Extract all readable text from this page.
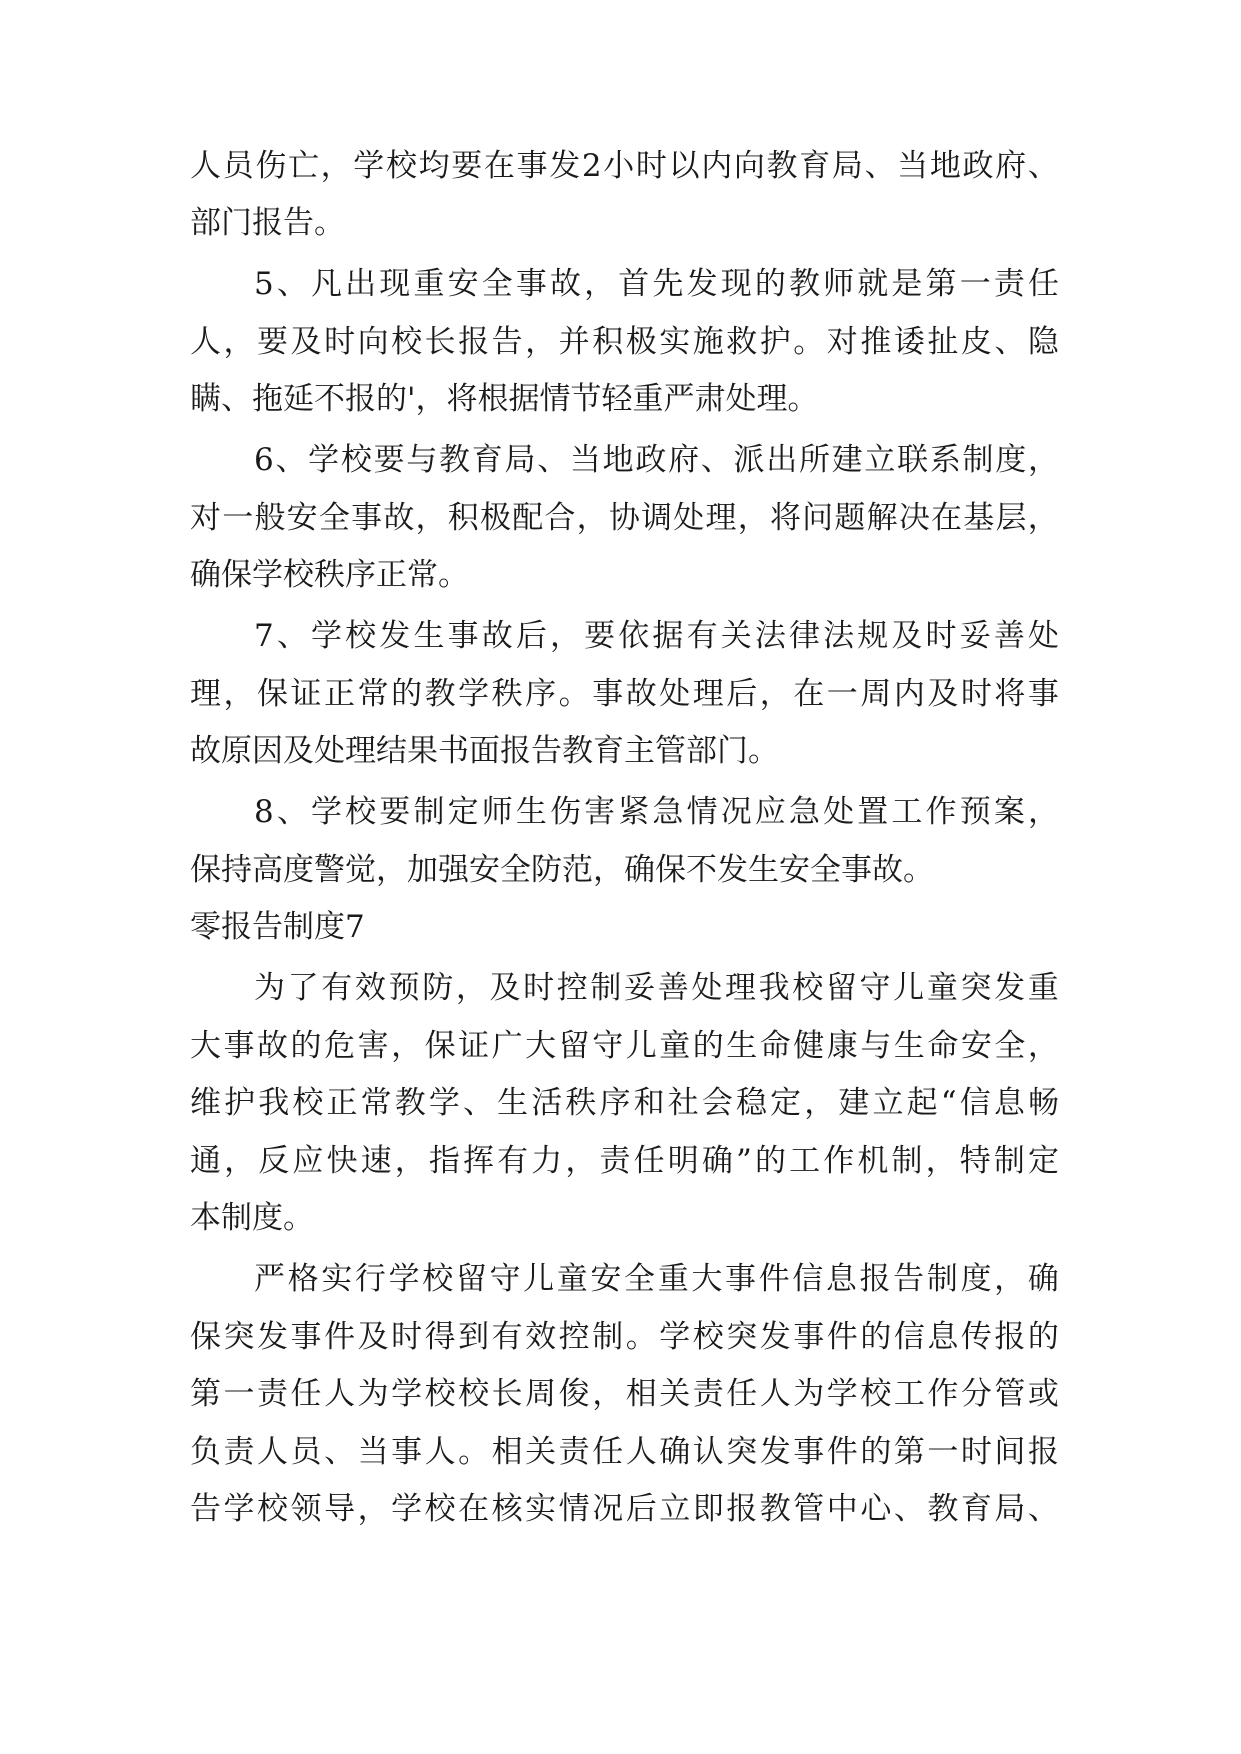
人 员 伤 亡 ， 学 校 均 要 在 事 发 2 小 时 以 内 向 教 育 局 、 当 地 政 府 、
部门报告。
5 、 凡 出 现 重 安 全 事 故 ， 首 先 发 现 的 教 师 就 是 第 一 责 任
人 ， 要 及 时 向 校 长 报 告 ， 并 积 极 实 施 救 护 。 对 推 诿 扯 皮 、 隐
瞒、拖延不报的'，将根据情节轻重严肃处理。
6 、 学 校 要 与 教 育 局 、 当 地 政 府 、 派 出 所 建 立 联 系 制 度 ，
对 一 般 安 全 事 故 ， 积 极 配 合 ， 协 调 处 理 ， 将 问 题 解 决 在 基 层 ，
确保学校秩序正常。
7 、 学 校 发 生 事 故 后 ， 要 依 据 有 关 法 律 法 规 及 时 妥 善 处
理 ， 保 证 正 常 的 教 学 秩 序 。 事 故 处 理 后 ， 在 一 周 内 及 时 将 事
故原因及处理结果书面报告教育主管部门。
8 、 学 校 要 制 定 师 生 伤 害 紧 急 情 况 应 急 处 置 工 作 预 案 ，
保持高度警觉，加强安全防范，确保不发生安全事故。
零报告制度7
为 了 有 效 预 防 ， 及 时 控 制 妥 善 处 理 我 校 留 守 儿 童 突 发 重
大 事 故 的 危 害 ， 保 证 广 大 留 守 儿 童 的 生 命 健 康 与 生 命 安 全 ，
维 护 我 校 正 常 教 学 、 生 活 秩 序 和 社 会 稳 定 ， 建 立 起 “ 信 息 畅
通 ， 反 应 快 速 ， 指 挥 有 力 ， 责 任 明 确 ” 的 工 作 机 制 ， 特 制 定
本制度。
严 格 实 行 学 校 留 守 儿 童 安 全 重 大 事 件 信 息 报 告 制 度 ， 确
保 突 发 事 件 及 时 得 到 有 效 控 制 。 学 校 突 发 事 件 的 信 息 传 报 的
第 一 责 任 人 为 学 校 校 长 周 俊 ， 相 关 责 任 人 为 学 校 工 作 分 管 或
负 责 人 员 、 当 事 人 。 相 关 责 任 人 确 认 突 发 事 件 的 第 一 时 间 报
告 学 校 领 导 ， 学 校 在 核 实 情 况 后 立 即 报 教 管 中 心 、 教 育 局 、
